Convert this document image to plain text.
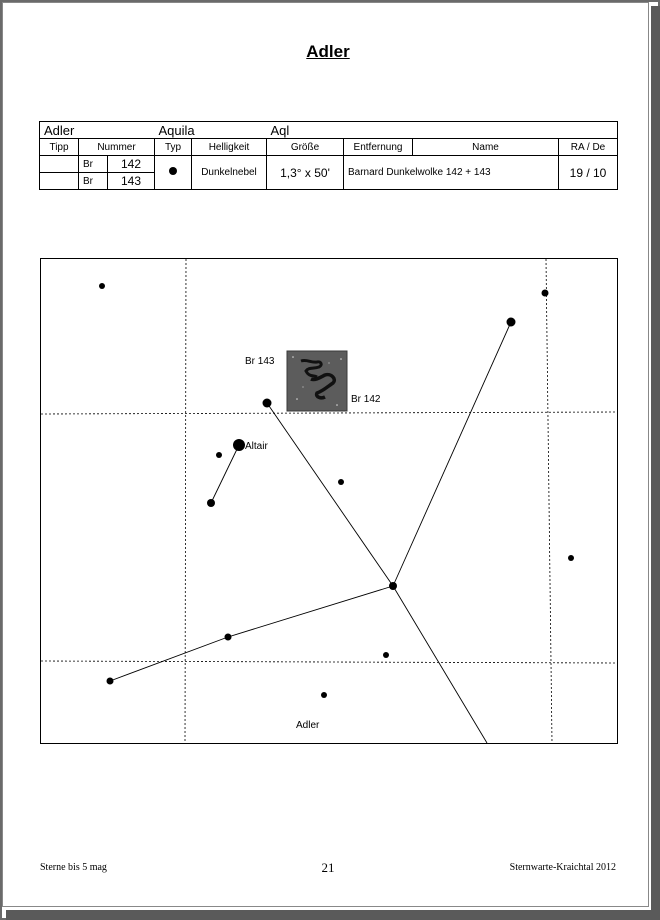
Adler
Adler			Aquila		Aql			
Tipp	Nummer		Typ	Helligkeit	Größe	Entfernung	Name	RA / De
	Br	142		Dunkelnebel	1,3° x 50'	Barnard Dunkelwolke 142 + 143		19 / 10
	Br	143						
Br 143
Br 142
Altair
Adler
Sterne bis 5 mag	21	Sternwarte-Kraichtal 2012
